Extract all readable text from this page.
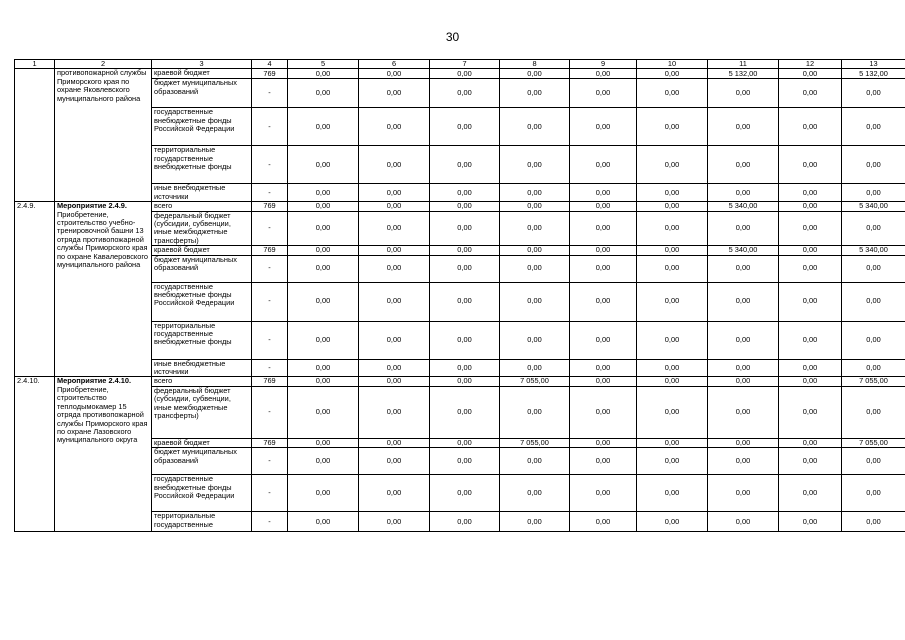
30
1	2	3	4	5	6	7	8	9	10	11	12	13
	противопожарной службы Приморского края по охране Яковлевского муниципального района	краевой бюджет	769	0,00	0,00	0,00	0,00	0,00	0,00	5 132,00	0,00	5 132,00
		бюджет муниципальных образований	-	0,00	0,00	0,00	0,00	0,00	0,00	0,00	0,00	0,00
		государственные внебюджетные фонды Российской Федерации	-	0,00	0,00	0,00	0,00	0,00	0,00	0,00	0,00	0,00
		территориальные государственные внебюджетные фонды	-	0,00	0,00	0,00	0,00	0,00	0,00	0,00	0,00	0,00
		иные внебюджетные источники	-	0,00	0,00	0,00	0,00	0,00	0,00	0,00	0,00	0,00
2.4.9.	Мероприятие 2.4.9. Приобретение, строительство учебно-тренировочной башни 13 отряда противопожарной службы Приморского края по охране Кавалеровского муниципального района	всего	769	0,00	0,00	0,00	0,00	0,00	0,00	5 340,00	0,00	5 340,00
		федеральный бюджет (субсидии, субвенции, иные межбюджетные трансферты)	-	0,00	0,00	0,00	0,00	0,00	0,00	0,00	0,00	0,00
		краевой бюджет	769	0,00	0,00	0,00	0,00	0,00	0,00	5 340,00	0,00	5 340,00
		бюджет муниципальных образований	-	0,00	0,00	0,00	0,00	0,00	0,00	0,00	0,00	0,00
		государственные внебюджетные фонды Российской Федерации	-	0,00	0,00	0,00	0,00	0,00	0,00	0,00	0,00	0,00
		территориальные государственные внебюджетные фонды	-	0,00	0,00	0,00	0,00	0,00	0,00	0,00	0,00	0,00
		иные внебюджетные источники	-	0,00	0,00	0,00	0,00	0,00	0,00	0,00	0,00	0,00
2.4.10.	Мероприятие 2.4.10. Приобретение, строительство теплодымокамер 15 отряда противопожарной службы Приморского края по охране Лазовского муниципального округа	всего	769	0,00	0,00	0,00	7 055,00	0,00	0,00	0,00	0,00	7 055,00
		федеральный бюджет (субсидии, субвенции, иные межбюджетные трансферты)	-	0,00	0,00	0,00	0,00	0,00	0,00	0,00	0,00	0,00
		краевой бюджет	769	0,00	0,00	0,00	7 055,00	0,00	0,00	0,00	0,00	7 055,00
		бюджет муниципальных образований	-	0,00	0,00	0,00	0,00	0,00	0,00	0,00	0,00	0,00
		государственные внебюджетные фонды Российской Федерации	-	0,00	0,00	0,00	0,00	0,00	0,00	0,00	0,00	0,00
		территориальные государственные	-	0,00	0,00	0,00	0,00	0,00	0,00	0,00	0,00	0,00
